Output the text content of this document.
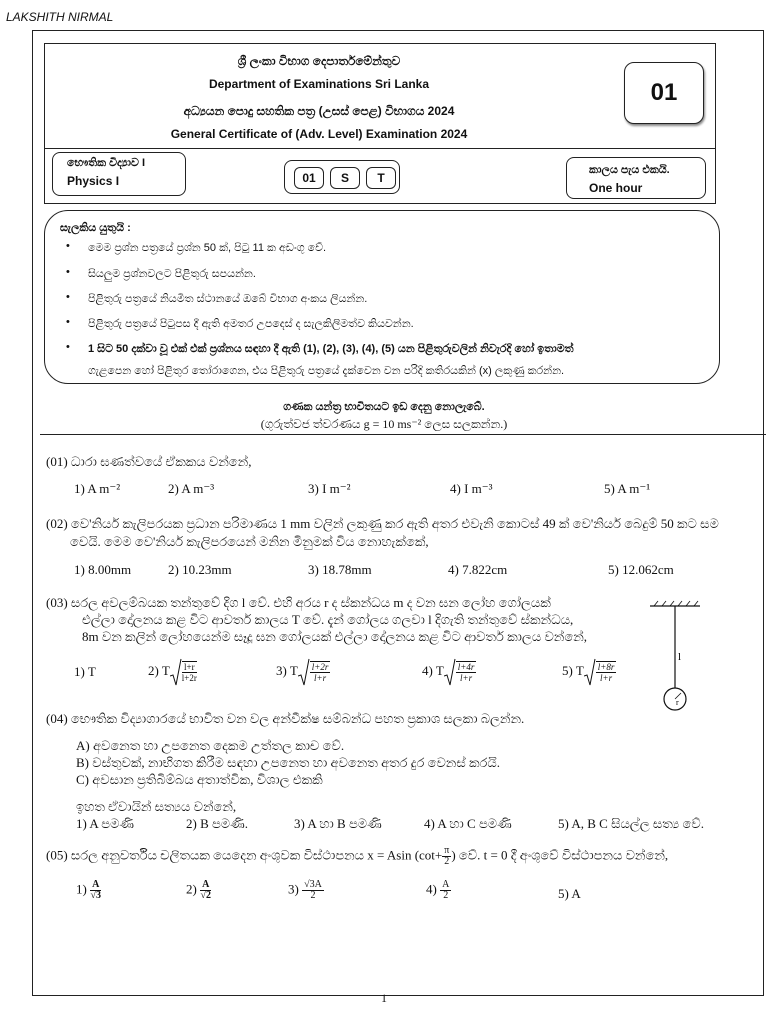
LAKSHITH NIRMAL
ශ්‍රී ලංකා විභාග දෙපාර්තමේන්තුව
Department of Examinations Sri Lanka
අධ්‍යයන පොදු සහතික පත්‍ර (උසස් පෙළ) විභාගය 2024
General Certificate of (Adv. Level) Examination 2024
01
භෞතික විද්‍යාව I
Physics I	01	S	T
කාලය පැය එකයි.
One hour
සැලකිය යුතුයි :
• මෙම ප්‍රශ්න පත්‍රයේ ප්‍රශ්න 50 ක්, පිටු 11 ක අඩංගු වේ.
• සියලුම ප්‍රශ්නවලට පිළිතුරු සපයන්න.
• පිළිතුරු පත්‍රයේ නියමිත ස්ථානයේ ඔබේ විභාග අංකය ලියන්න.
• පිළිතුරු පත්‍රයේ පිටුපස දී ඇති අමතර උපදෙස් ද සැලකිලිමත්ව කියවන්න.
• 1 සිට 50 දක්වා වූ එක් එක් ප්‍රශ්නය සඳහා දී ඇති (1), (2), (3), (4), (5) යන පිළිතුරුවලින් නිවැරදි හෝ ඉතාමත්
ගැළපෙන හෝ පිළිතුර තෝරාගෙන, එය පිළිතුරු පත්‍රයේ දැක්වෙන වන පරිදි කතිරයකින් (x) ලකුණු කරන්න.
ගණක යන්ත්‍ර භාවිතයට ඉඩ දෙනු නොලැබේ.
(ගුරුත්වජ ත්වරණය g = 10 ms⁻² ලෙස සලකන්න.)
(01) ධාරා ඝණත්වයේ ඒකකය වන්නේ,
1) A m⁻²	2) A m⁻³	3) I m⁻²	4) I m⁻³	5) A m⁻¹
(02) වෙ'නියර් කැලිපරයක ප්‍රධාන පරිමාණය 1 mm වලින් ලකුණු කර ඇති අතර එවැනි කොටස් 49 ක් වෙ'නියර් බෙදුම් 50 කට සම
වෙයි. මෙම වෙ'නියර් කැලිපරයෙන් මනින මිනුමක් විය නොහැක්කේ,
1) 8.00mm	2) 10.23mm	3) 18.78mm	4) 7.822cm	5) 12.062cm
(03) සරල අවලම්බයක තන්තුවේ දිග l වේ. එහි අරය r ද ස්කන්ධය m ද වන ඝන ලෝහ ගෝලයක්
එල්ලා දෝලනය කළ විට ආවර්ත කාලය T වේ. දැන් ගෝලය ගලවා l දිගැති තන්තුවේ ස්කන්ධය,
8m වන කලින් ලෝහයෙන්ම සෑදූ ඝන ගෝලයක් එල්ලා දෝලනය කළ විට ආවර්ත කාලය වන්නේ,
1) T	2) T $\frac{l+r}{l+2r}$	3) T $\frac{l+2r}{l+r}$	4) T $\frac{l+4r}{l+r}$	5) T $\frac{l+8r}{l+r}$
l
r
(04) භෞතික විද්‍යාගාරයේ භාවිත වන වල අන්වීක්ෂ සම්බන්ධ පහත ප්‍රකාශ සලකා බලන්න.
A) අවනෙත හා උපනෙත දෙකම උත්තල කාච වේ.
B) වස්තුවක්, නාභිගත කිරීම සඳහා උපනෙත හා අවනෙත අතර දුර වෙනස් කරයි.
C) අවසාන ප්‍රතිබිම්බය අතාත්වික, විශාල එකකි
ඉහත ඒවායින් සත්‍යය වන්නේ,
1) A පමණි	2) B පමණි.	3) A හා B පමණි	4) A හා C පමණි	5) A, B C සියල්ල සත්‍ය වේ.
(05) සරල අනුවර්තිය චලිතයක යෙදෙන අංශුවක විස්ථාපනය x = Asin $(\cot+ \frac{\pi}{2})$ වේ. t = 0 දී අංශුවේ විස්ථාපනය වන්නේ,
$1) \frac{A}{√3}$	$2) \frac{A}{√2}$	$3) \frac{√3A}{2}$	$4) \frac{A}{2}$	5) A
1
